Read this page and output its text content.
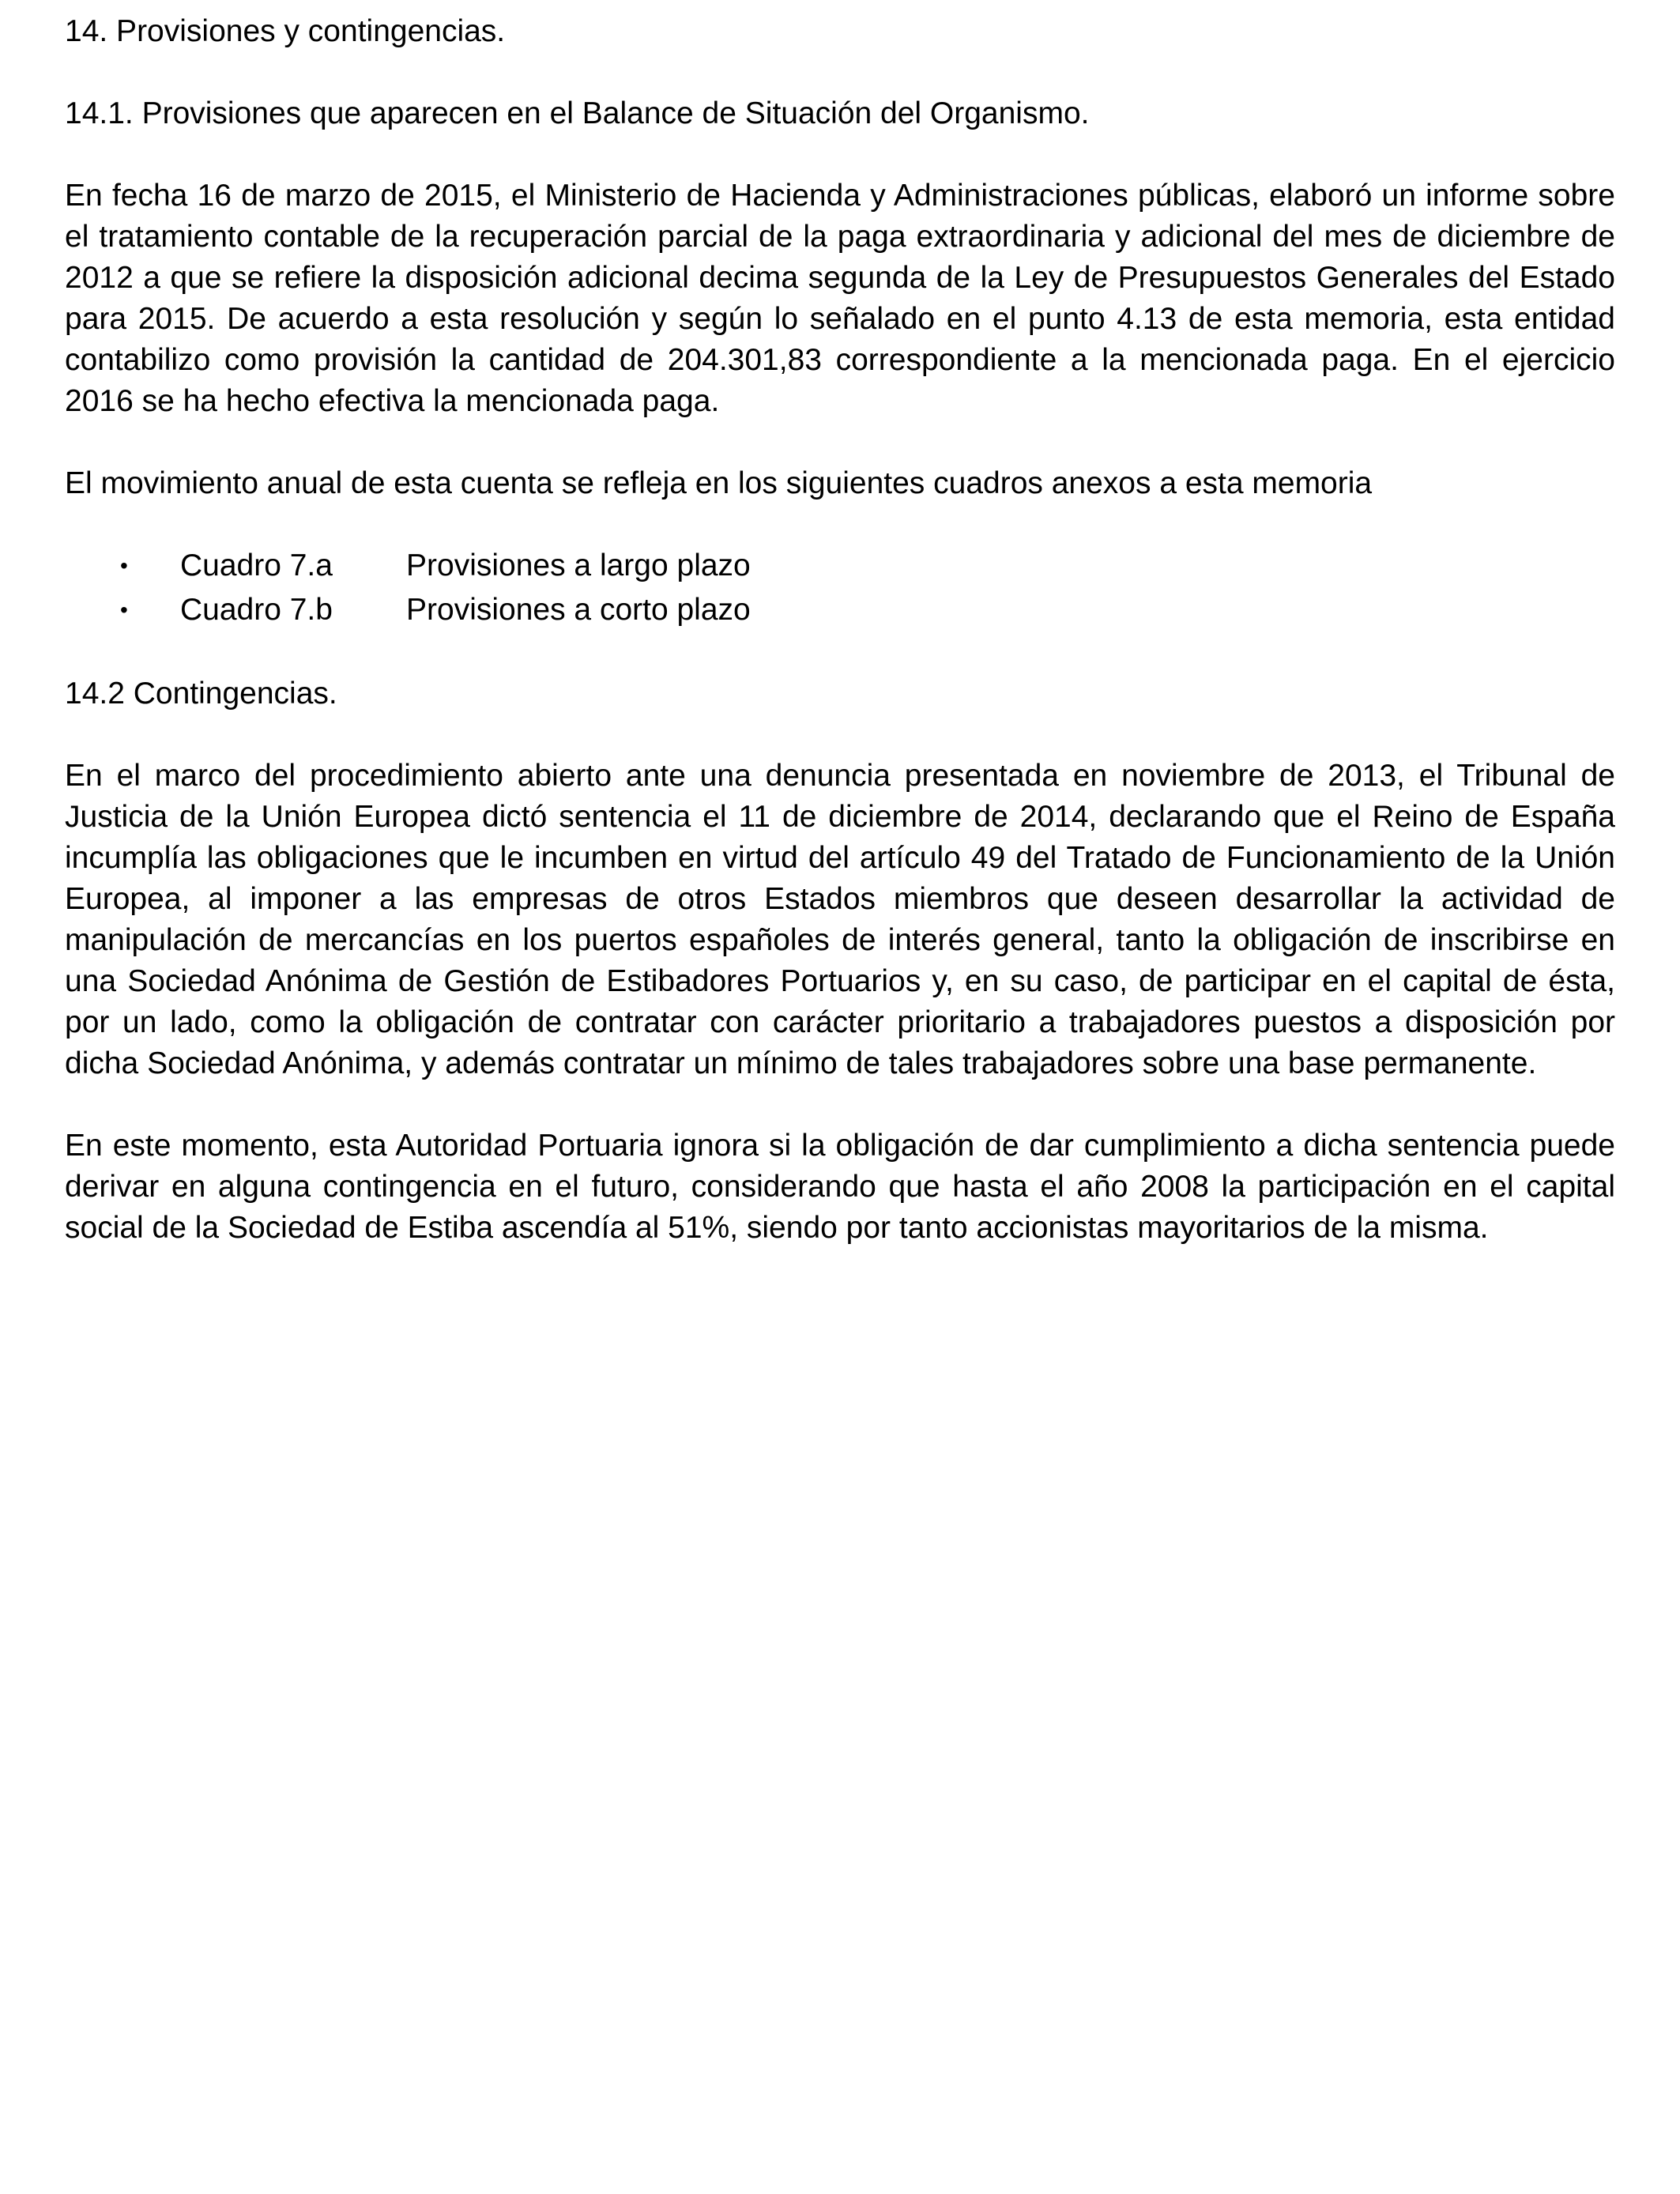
14. Provisiones y contingencias.

14.1. Provisiones que aparecen en el Balance de Situación del Organismo.

En fecha 16 de marzo de 2015, el Ministerio de Hacienda y Administraciones públicas, elaboró un informe sobre el tratamiento contable de la recuperación parcial de la paga extraordinaria y adicional del mes de diciembre de 2012 a que se refiere la disposición adicional decima segunda de la Ley de Presupuestos Generales del Estado para 2015. De acuerdo a esta resolución y según lo señalado en el punto 4.13 de esta memoria, esta entidad contabilizo como provisión la cantidad de 204.301,83 correspondiente a la mencionada paga. En el ejercicio 2016 se ha hecho efectiva la mencionada paga.

El movimiento anual de esta cuenta se refleja en los siguientes cuadros anexos a esta memoria

• Cuadro 7.a Provisiones a largo plazo
• Cuadro 7.b Provisiones a corto plazo

14.2 Contingencias.

En el marco del procedimiento abierto ante una denuncia presentada en noviembre de 2013, el Tribunal de Justicia de la Unión Europea dictó sentencia el 11 de diciembre de 2014, declarando que el Reino de España incumplía las obligaciones que le incumben en virtud del artículo 49 del Tratado de Funcionamiento de la Unión Europea, al imponer a las empresas de otros Estados miembros que deseen desarrollar la actividad de manipulación de mercancías en los puertos españoles de interés general, tanto la obligación de inscribirse en una Sociedad Anónima de Gestión de Estibadores Portuarios y, en su caso, de participar en el capital de ésta, por un lado, como la obligación de contratar con carácter prioritario a trabajadores puestos a disposición por dicha Sociedad Anónima, y además contratar un mínimo de tales trabajadores sobre una base permanente.

En este momento, esta Autoridad Portuaria ignora si la obligación de dar cumplimiento a dicha sentencia puede derivar en alguna contingencia en el futuro, considerando que hasta el año 2008 la participación en el capital social de la Sociedad de Estiba ascendía al 51%, siendo por tanto accionistas mayoritarios de la misma.
